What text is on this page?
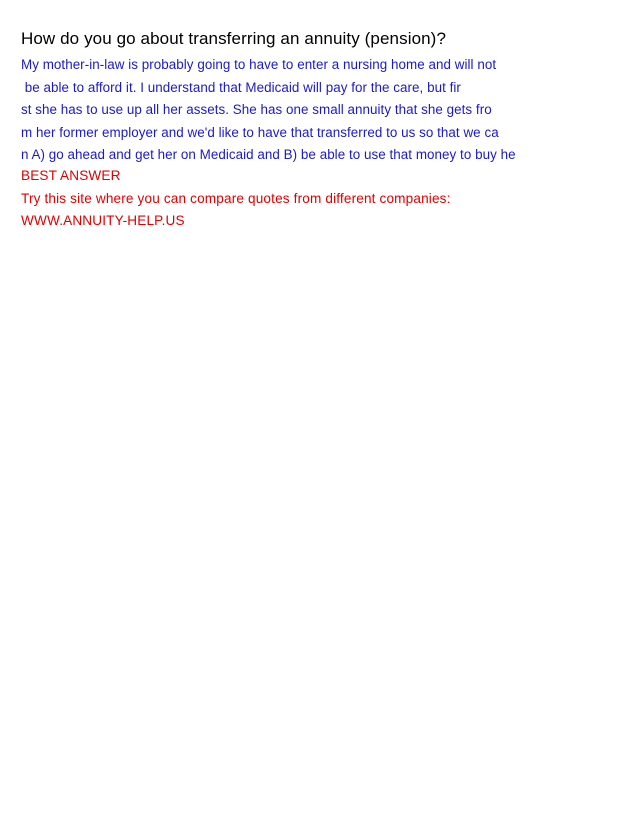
How do you go about transferring an annuity (pension)?
My mother-in-law is probably going to have to enter a nursing home and will not
be able to afford it. I understand that Medicaid will pay for the care, but fir
st she has to use up all her assets. She has one small annuity that she gets fro
m her former employer and we'd like to have that transferred to us so that we ca
n A) go ahead and get her on Medicaid and B) be able to use that money to buy he
BEST ANSWER
Try this site where you can compare quotes from different companies:
WWW.ANNUITY-HELP.US
